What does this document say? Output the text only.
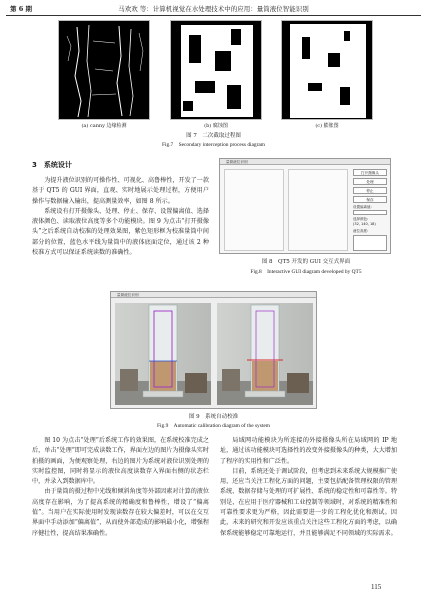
第 6 期	马欢欢 等：计算机视觉在水处理技术中的应用：量筒液位智能识别
(a) canny 边缘检测	(b) 腐蚀图	(c) 膨胀图
图 7　二次截取过程图
Fig.7　Secondary interception process diagram
3　系统设计

为提升液位识别的可操作性、可视化、高鲁棒性，开发了一款基于 QT5 的 GUI 界面，直观、实时地展示处理过程，方便用户操作与数据输入输出，提高测量效率，如图 8 所示。

系统设有打开摄像头、处理、停止、保存、设置偏离值、选择液体颜色、读取液位高度等多个功能模块。图 9 为点击“打开摄像头”之后系统自动校准的处理效果图，紫色矩形框为校准量筒中间部分的位置，蓝色水平线为量筒中的液体底面定位，通过该 2 种校准方式可以保证系统读数的准确性。

量筒液位识别
打开摄像头
处理
停止
保存
设置偏离值:
选择颜色:
(32, 140, 18)
液位高度:
图 8　QT5 开发的 GUI 交互式界面
Fig.8　Interactive GUI diagram developed by QT5
量筒液位识别
图 9　系统自动校准
Fig.9　Automatic calibration diagram of the system

图 10 为点击“处理”后系统工作的效果图，在系统校准完成之后，单击“处理”即可完成读数工作，界面左边的图片为摄像头实时拍摄的画面，为便观察处理，右边的图片为系统对液位识别处理的实时监控图，同时将显示的液位高度读数存入界面右侧的状态栏中，并录入到数据库中。

由于量筒的摄过程中光线和倾斜角度等外部因素对计算的液位高度存在影响，为了提高系统的精确度和鲁棒性，增设了“偏离值”。当用户在实际使用时发现读数存在较大偏差时，可以在交互界面中手动添加“偏离值”，从而使外部造成的影响最小化，增强程序健壮性，提高结果准确性。

局域网功能模块为所连接的外接摄像头所在局域网的 IP 地址，通过该功能模块可选择性的改变外接摄像头的种类，大大增加了程序的实用性和广泛性。

目前，系统还处于调试阶段，但考虑到未来系统大规模推广使用，还应当关注工程化方面的问题，主要包括配备管理权限的管理系统、数据存储与处理的可扩展性、系统的稳定性和可靠性等。特别是，在应用于医疗器械和工业控制等领域时，对系统的精准性和可靠性要求更为严格，因此需要进一步的工程化优化和测试。因此，未来的研究和开发应该重点关注这些工程化方面的考虑，以确保系统能够稳定可靠地运行，并且能够满足不同领域的实际需求。

115
